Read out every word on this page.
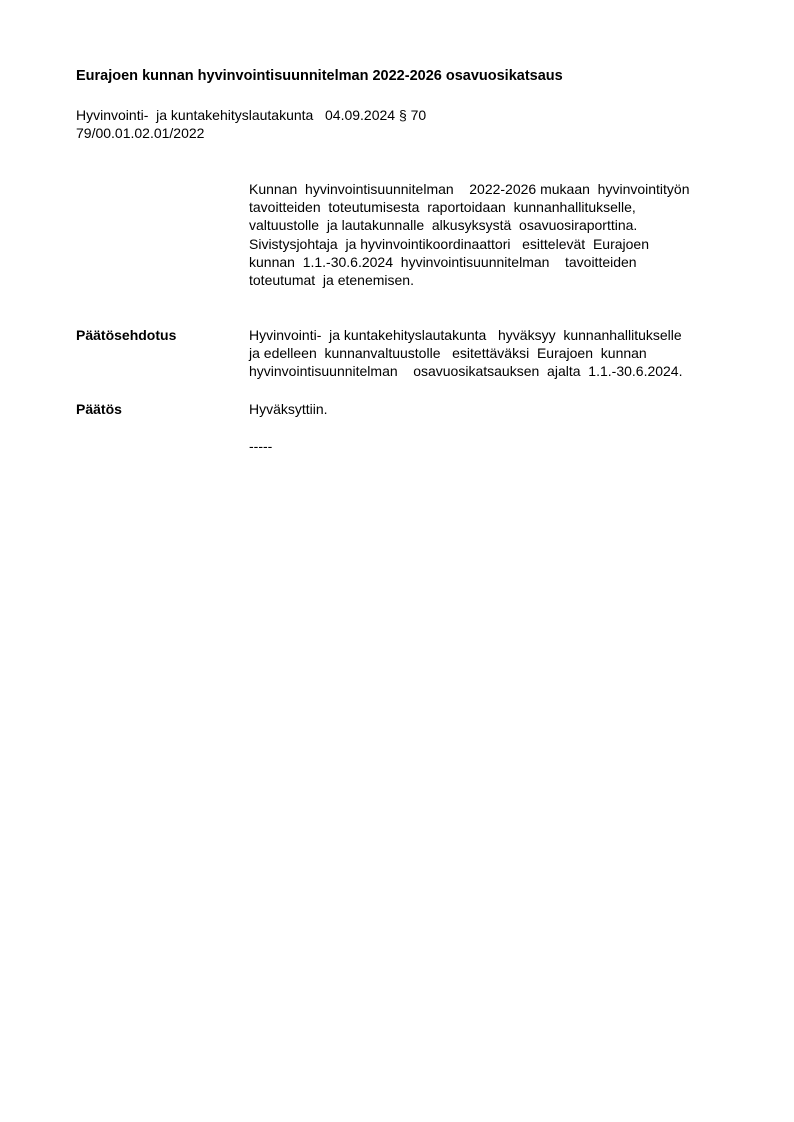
Eurajoen kunnan hyvinvointisuunnitelman 2022-2026 osavuosikatsaus
Hyvinvointi-  ja kuntakehityslautakunta   04.09.2024 § 70
79/00.01.02.01/2022
Kunnan  hyvinvointisuunnitelman    2022-2026 mukaan  hyvinvointityön
tavoitteiden  toteutumisesta  raportoidaan  kunnanhallitukselle,
valtuustolle  ja lautakunnalle  alkusyksystä  osavuosiraporttina.
Sivistysjohtaja  ja hyvinvointikoordinaattori   esittelevät  Eurajoen
kunnan  1.1.-30.6.2024  hyvinvointisuunnitelman    tavoitteiden
toteutumat  ja etenemisen.
Päätösehdotus	Hyvinvointi-  ja kuntakehityslautakunta   hyväksyy  kunnanhallitukselle
ja edelleen  kunnanvaltuustolle   esitettäväksi  Eurajoen  kunnan
hyvinvointisuunnitelman    osavuosikatsauksen  ajalta  1.1.-30.6.2024.
Päätös	Hyväksyttiin.
-----
